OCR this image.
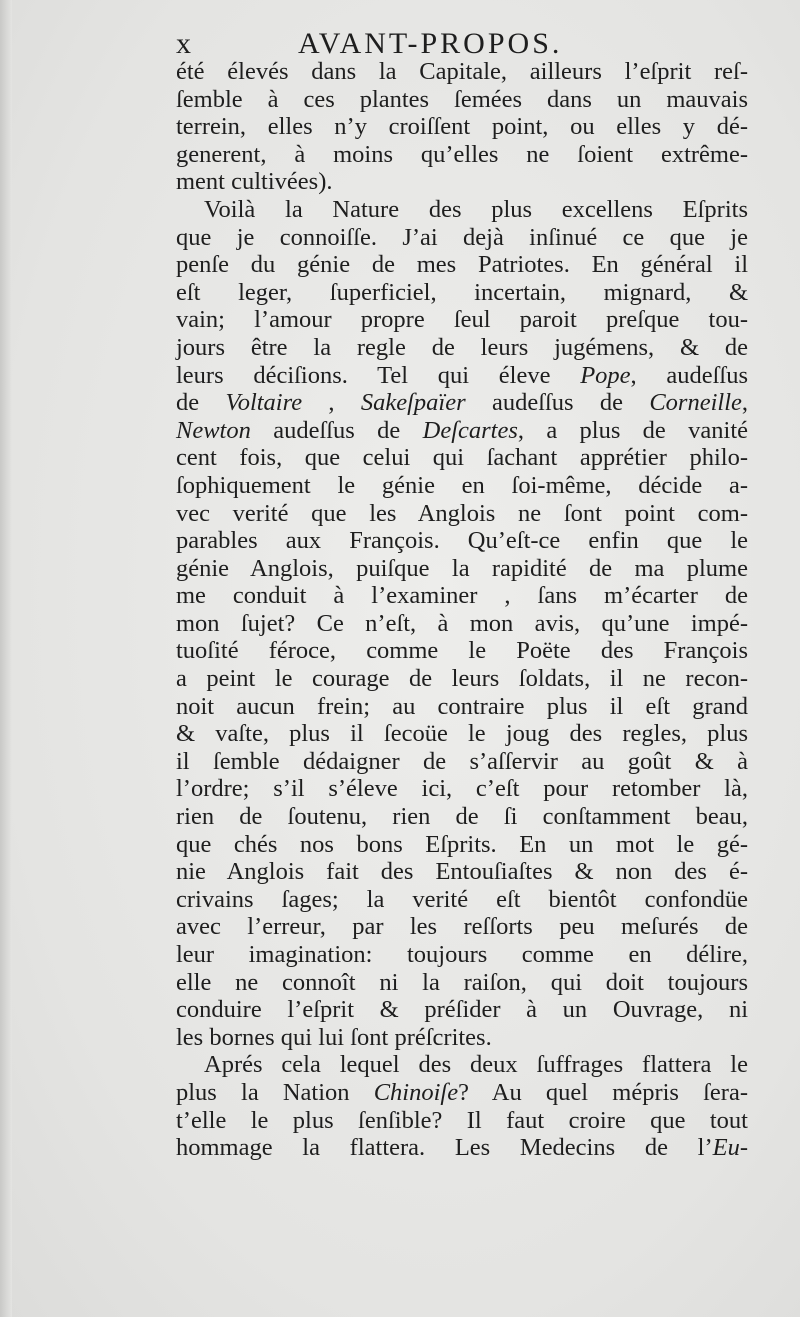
x	AVANT-PROPOS.
été élevés dans la Capitale, ailleurs l’eſprit reſ-
ſemble à ces plantes ſemées dans un mauvais
terrein, elles n’y croiſſent point, ou elles y dé-
generent, à moins qu’elles ne ſoient extrême-
ment cultivées).
Voilà la Nature des plus excellens Eſprits
que je connoiſſe. J’ai dejà inſinué ce que je
penſe du génie de mes Patriotes. En général il
eſt leger, ſuperficiel, incertain, mignard, &
vain; l’amour propre ſeul paroit preſque tou-
jours être la regle de leurs jugémens, & de
leurs déciſions. Tel qui éleve Pope, audeſſus
de Voltaire , Sakeſpaïer audeſſus de Corneille,
Newton audeſſus de Deſcartes, a plus de vanité
cent fois, que celui qui ſachant apprétier philo-
ſophiquement le génie en ſoi-même, décide a-
vec verité que les Anglois ne ſont point com-
parables aux François. Qu’eſt-ce enfin que le
génie Anglois, puiſque la rapidité de ma plume
me conduit à l’examiner , ſans m’écarter de
mon ſujet? Ce n’eſt, à mon avis, qu’une impé-
tuoſité féroce, comme le Poëte des François
a peint le courage de leurs ſoldats, il ne recon-
noit aucun frein; au contraire plus il eſt grand
& vaſte, plus il ſecoüe le joug des regles, plus
il ſemble dédaigner de s’aſſervir au goût & à
l’ordre; s’il s’éleve ici, c’eſt pour retomber là,
rien de ſoutenu, rien de ſi conſtamment beau,
que chés nos bons Eſprits. En un mot le gé-
nie Anglois fait des Entouſiaſtes & non des é-
crivains ſages; la verité eſt bientôt confondüe
avec l’erreur, par les reſſorts peu meſurés de
leur imagination: toujours comme en délire,
elle ne connoît ni la raiſon, qui doit toujours
conduire l’eſprit & préſider à un Ouvrage, ni
les bornes qui lui ſont préſcrites.
Aprés cela lequel des deux ſuffrages flattera le
plus la Nation Chinoiſe? Au quel mépris ſera-
t’elle le plus ſenſible? Il faut croire que tout
hommage la flattera. Les Medecins de l’Eu-
